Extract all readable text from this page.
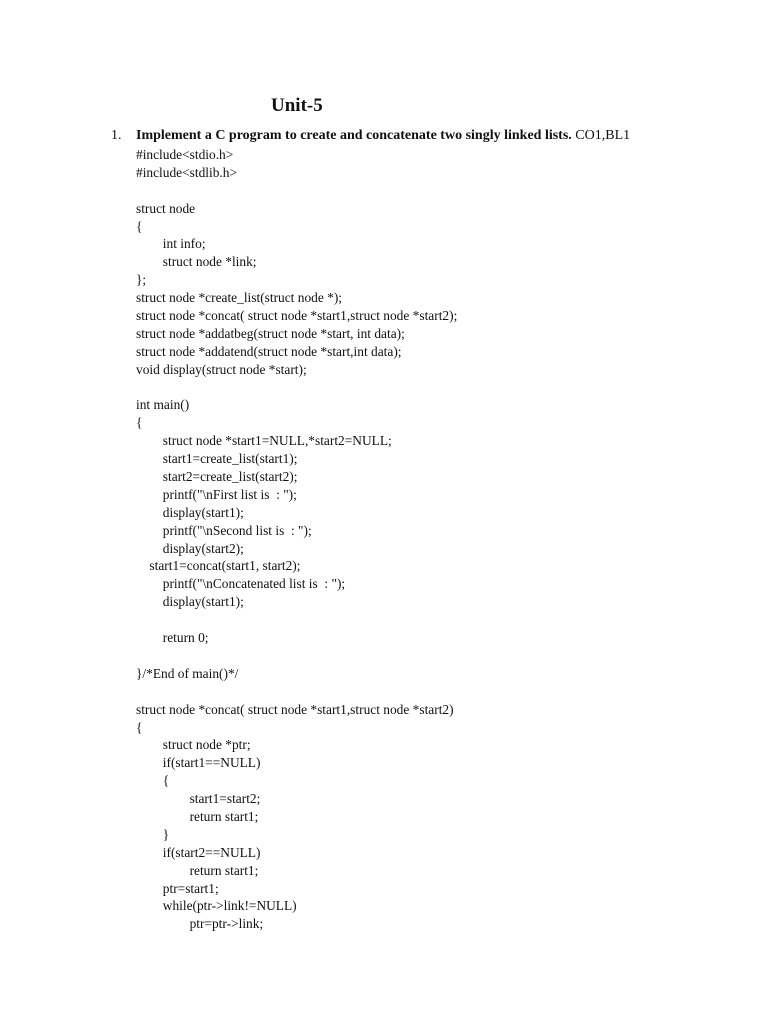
Unit-5
1. Implement a C program to create and concatenate two singly linked lists. CO1,BL1
#include<stdio.h>
#include<stdlib.h>
struct node
{
int info;
struct node *link;
};
struct node *create_list(struct node *);
struct node *concat( struct node *start1,struct node *start2);
struct node *addatbeg(struct node *start, int data);
struct node *addatend(struct node *start,int data);
void display(struct node *start);
int main()
{
struct node *start1=NULL,*start2=NULL;
start1=create_list(start1);
start2=create_list(start2);
printf("\nFirst list is  : ");
display(start1);
printf("\nSecond list is  : ");
display(start2);
start1=concat(start1, start2);
printf("\nConcatenated list is  : ");
display(start1);
return 0;
}/*End of main()*/
struct node *concat( struct node *start1,struct node *start2)
{
struct node *ptr;
if(start1==NULL)
{
start1=start2;
return start1;
}
if(start2==NULL)
return start1;
ptr=start1;
while(ptr->link!=NULL)
ptr=ptr->link;
